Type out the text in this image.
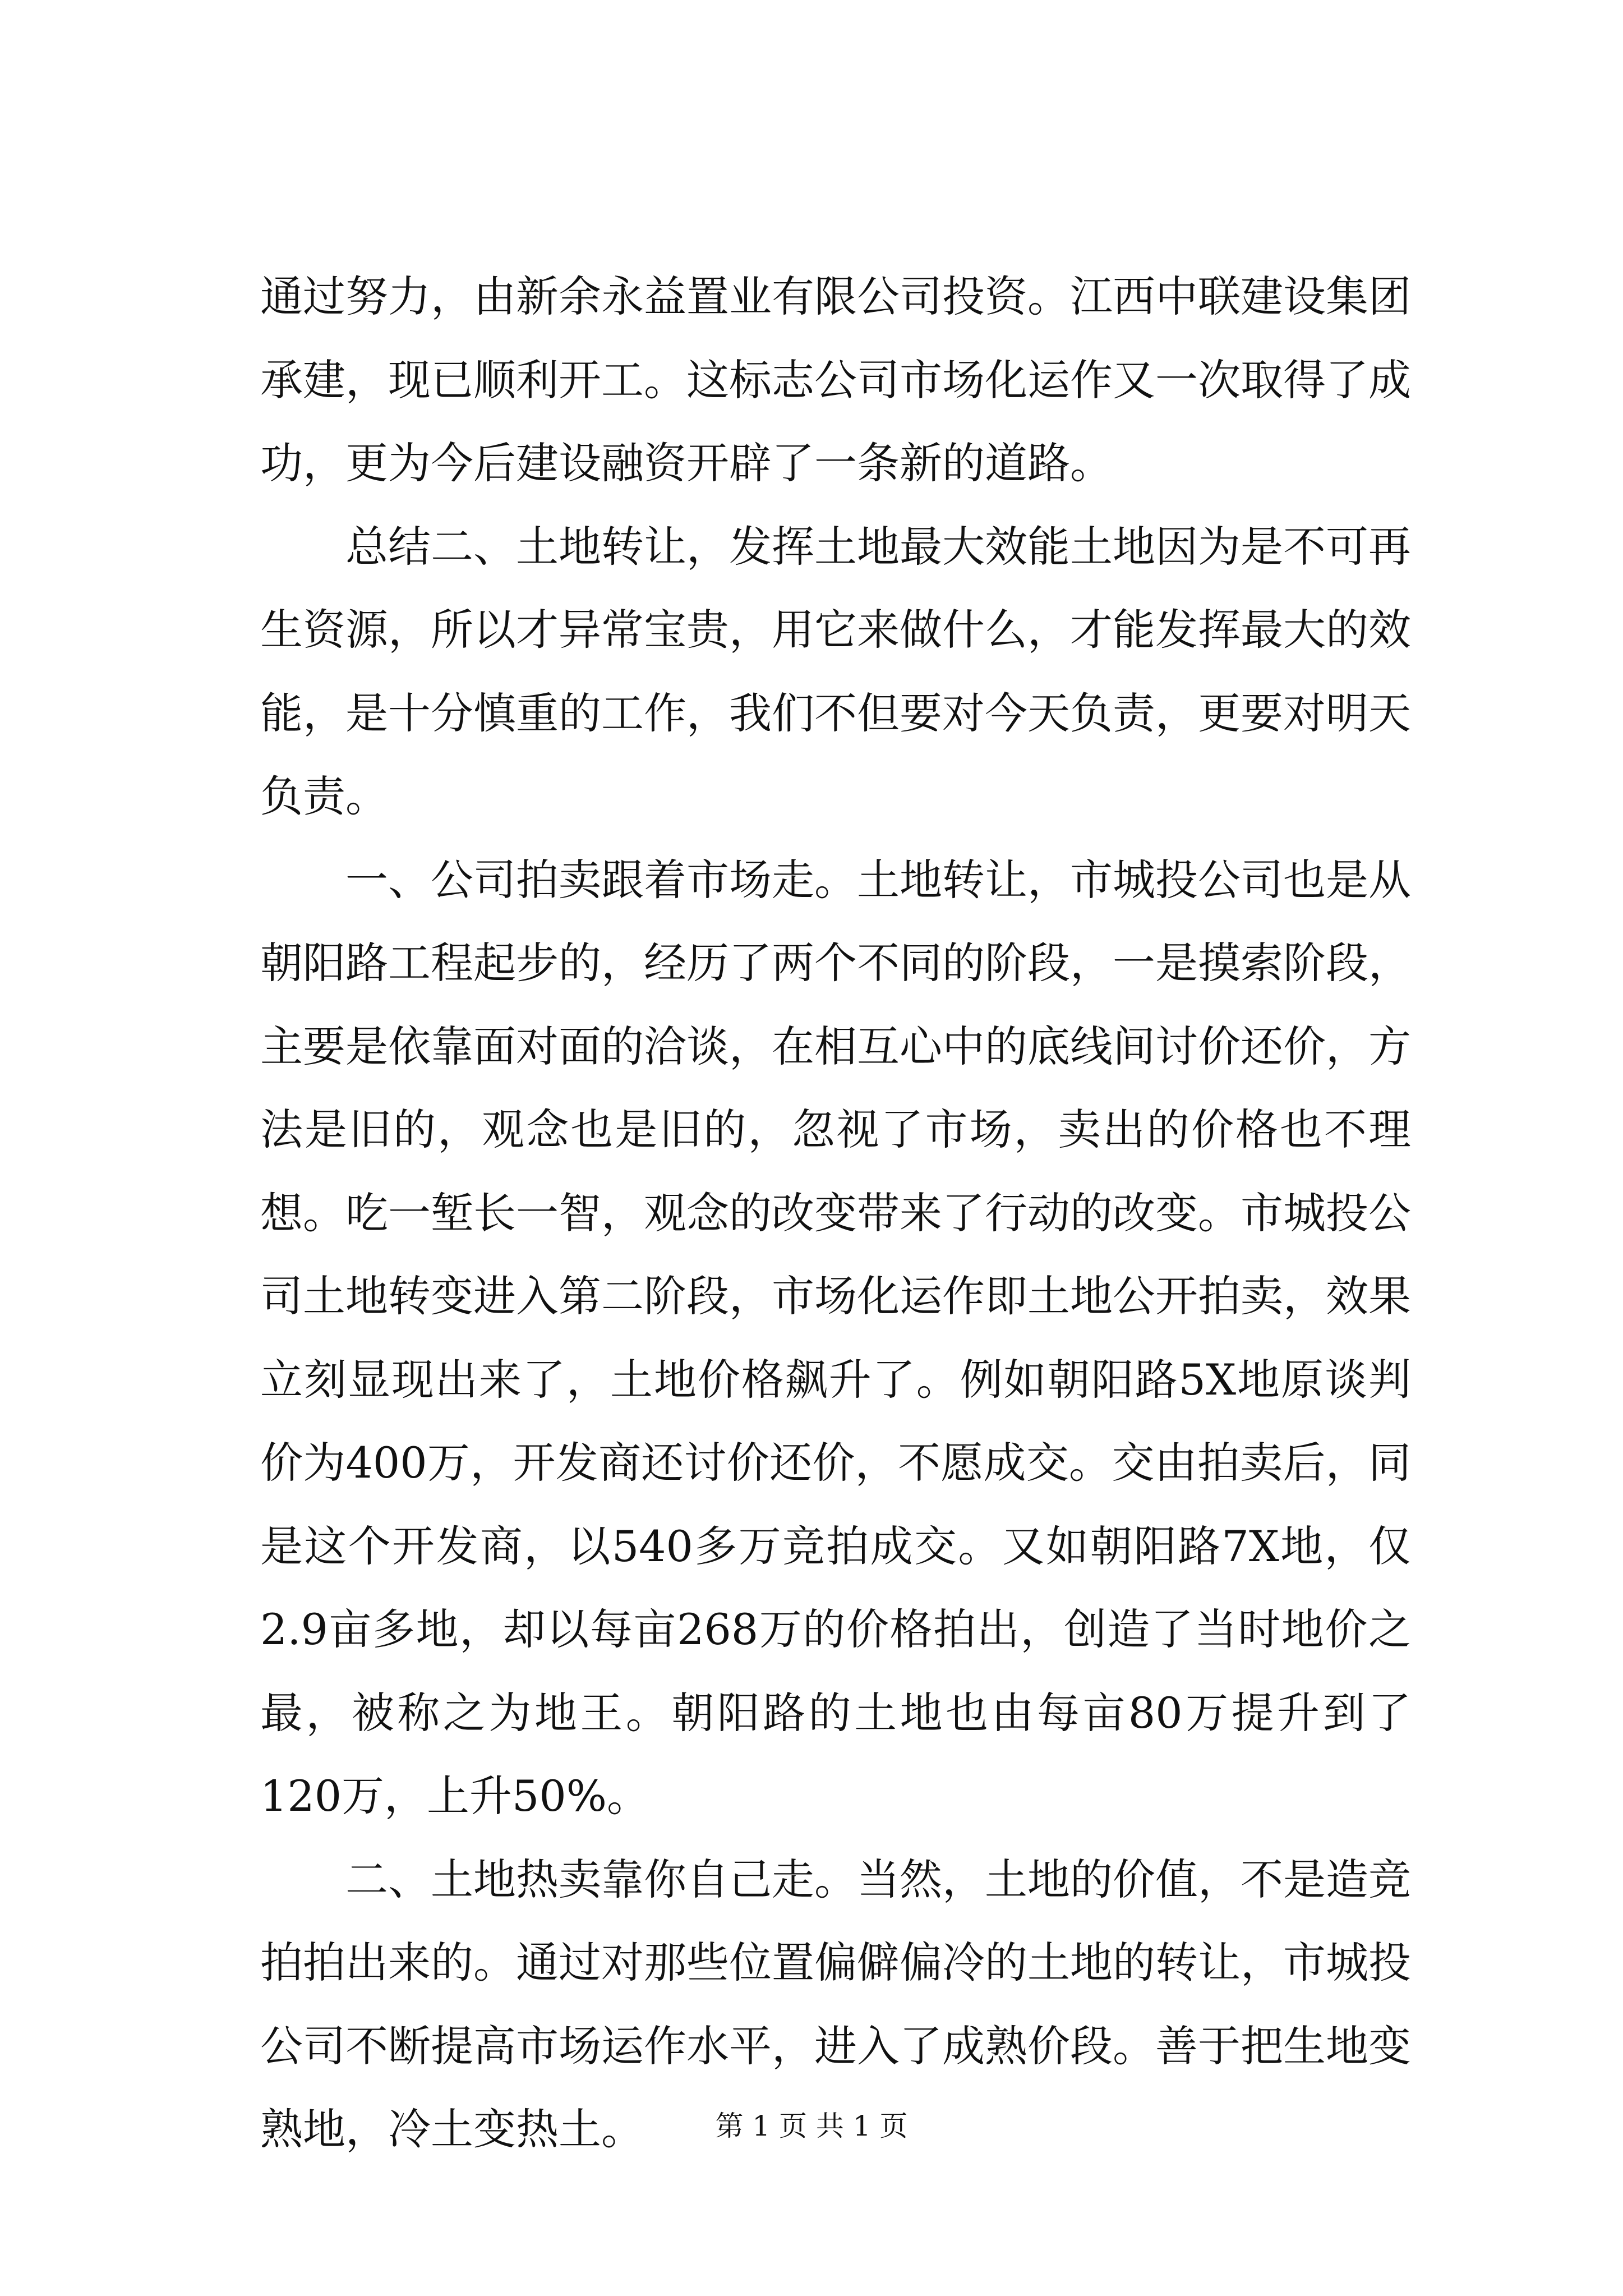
通过努力，由新余永益置业有限公司投资。江西中联建设集团承建，现已顺利开工。这标志公司市场化运作又一次取得了成功，更为今后建设融资开辟了一条新的道路。

总结二、土地转让，发挥土地最大效能土地因为是不可再生资源，所以才异常宝贵，用它来做什么，才能发挥最大的效能，是十分慎重的工作，我们不但要对今天负责，更要对明天负责。

一、公司拍卖跟着市场走。土地转让，市城投公司也是从朝阳路工程起步的，经历了两个不同的阶段，一是摸索阶段，主要是依靠面对面的洽谈，在相互心中的底线间讨价还价，方法是旧的，观念也是旧的，忽视了市场，卖出的价格也不理想。吃一堑长一智，观念的改变带来了行动的改变。市城投公司土地转变进入第二阶段，市场化运作即土地公开拍卖，效果立刻显现出来了，土地价格飙升了。例如朝阳路5X地原谈判价为400万，开发商还讨价还价，不愿成交。交由拍卖后，同是这个开发商，以540多万竞拍成交。又如朝阳路7X地，仅2.9亩多地，却以每亩268万的价格拍出，创造了当时地价之最，被称之为地王。朝阳路的土地也由每亩80万提升到了120万，上升50%。

二、土地热卖靠你自己走。当然，土地的价值，不是造竞拍拍出来的。通过对那些位置偏僻偏冷的土地的转让，市城投公司不断提高市场运作水平，进入了成熟价段。善于把生地变熟地，冷土变热土。	第 1 页 共 1 页
